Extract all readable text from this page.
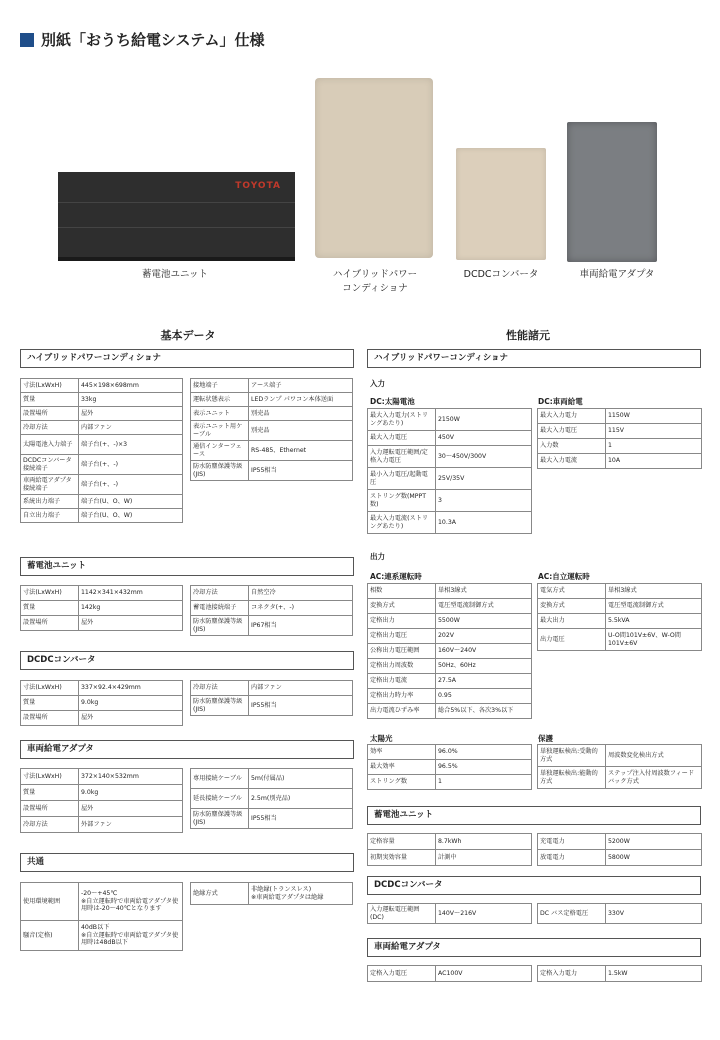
別紙「おうち給電システム」仕様
TOYOTA
蓄電池ユニット	ハイブリッドパワー
コンディショナ
DCDCコンバータ	車両給電アダプタ
基本データ	性能諸元
ハイブリッドパワーコンディショナ
寸法(LxWxH)	445×198×698mm
質量	33kg
設置場所	屋外
冷却方法	内部ファン
太陽電池入力端子	端子台(+、-)×3
DCDCコンバータ接続端子	端子台(+、-)
車両給電アダプタ接続端子	端子台(+、-)
系統出力端子	端子台(U、O、W)
自立出力端子	端子台(U、O、W)
接地端子	アース端子
運転状態表示	LEDランプ パワコン本体送面
表示ユニット	別売品
表示ユニット用ケーブル	別売品
通信インターフェース	RS-485、Ethernet
防水防塵保護等級(JIS)	IP55相当
蓄電池ユニット
寸法(LxWxH)	1142×341×432mm
質量	142kg
設置場所	屋外
冷却方法	自然空冷
蓄電池接続端子	コネクタ(+、-)
防水防塵保護等級(JIS)	IP67相当
DCDCコンバータ
寸法(LxWxH)	337×92.4×429mm
質量	9.0kg
設置場所	屋外
冷却方法	内部ファン
防水防塵保護等級(JIS)	IP55相当
車両給電アダプタ
寸法(LxWxH)	372×140×532mm
質量	9.0kg
設置場所	屋外
冷却方法	外部ファン
専用接続ケーブル	5m(付属品)
延長接続ケーブル	2.5m(別売品)
防水防塵保護等級(JIS)	IP55相当
共通
使用環境範囲	-20～+45℃
※自立運転時で車両給電アダプタ使用時は-20～40℃となります
騒音(定格)	40dB以下
※自立運転時で車両給電アダプタ使用時は48dB以下
絶縁方式	非絶縁(トランスレス)
※車両給電アダプタは絶縁
ハイブリッドパワーコンディショナ
入力
DC:太陽電池	DC:車両給電
最大入力電力(ストリングあたり)	2150W
最大入力電圧	450V
入力運転電圧範囲/定格入力電圧	30～450V/300V
最小入力電圧/起動電圧	25V/35V
ストリング数(MPPT数)	3
最大入力電流(ストリングあたり)	10.3A
最大入力電力	1150W
最大入力電圧	115V
入力数	1
最大入力電流	10A
出力
AC:連系運転時	AC:自立運転時
相数	単相3線式
変換方式	電圧型電流制御方式
定格出力	5500W
定格出力電圧	202V
公称出力電圧範囲	160V～240V
定格出力周波数	50Hz、60Hz
定格出力電流	27.5A
定格出力時力率	0.95
出力電流ひずみ率	総合5%以下、各次3%以下
電気方式	単相3線式
変換方式	電圧型電流制御方式
最大出力	5.5kVA
出力電圧	U-O間101V±6V、W-O間101V±6V
太陽光	保護
効率	96.0%
最大効率	96.5%
ストリング数	1
単独運転検出:受動的方式	周波数変化検出方式
単独運転検出:能動的方式	ステップ注入付周波数フィードバック方式
蓄電池ユニット
定格容量	8.7kWh
初期実効容量	計測中
充電電力	5200W
放電電力	5800W
DCDCコンバータ
入力運転電圧範囲(DC)	140V～216V	DC バス定格電圧	330V
車両給電アダプタ
定格入力電圧	AC100V	定格入力電力	1.5kW
